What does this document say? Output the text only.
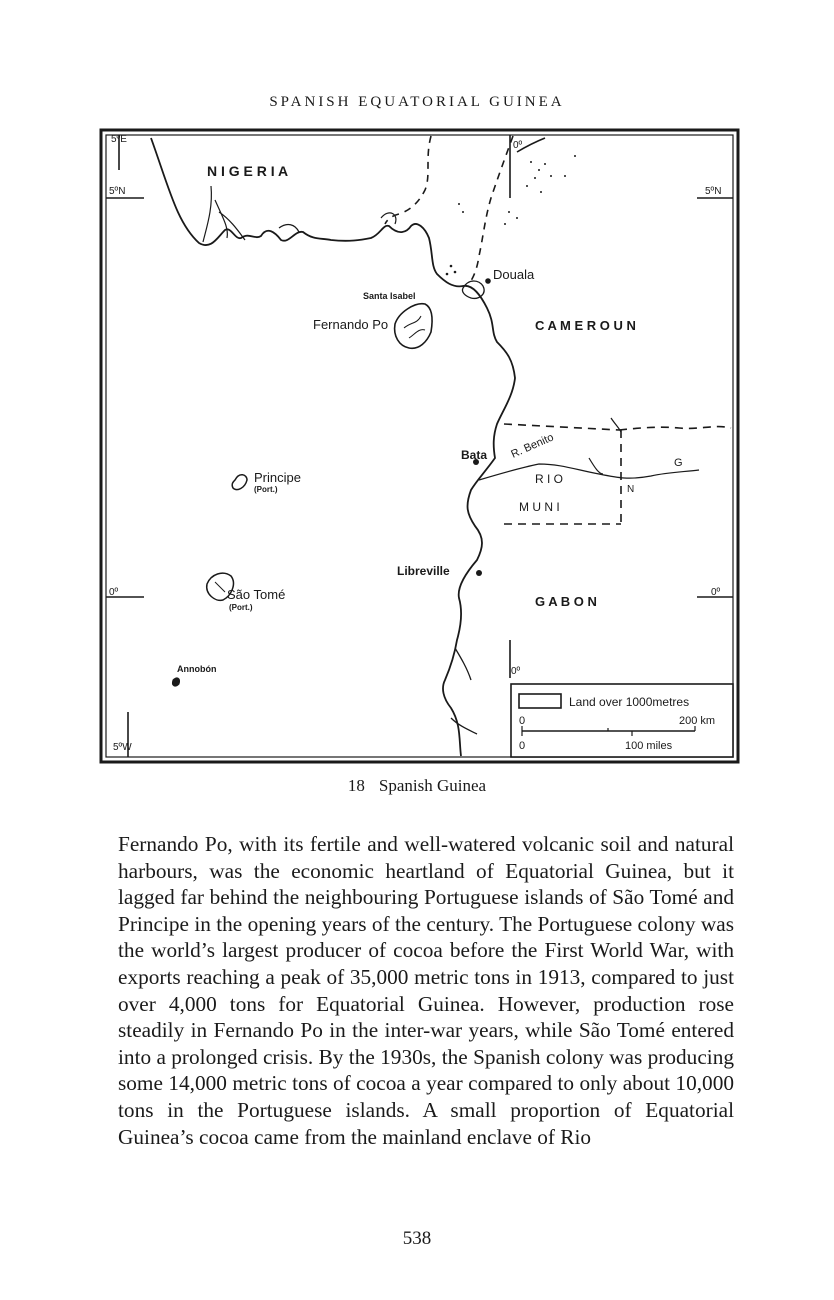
SPANISH EQUATORIAL GUINEA
5ºE
5ºN	5ºN
0º	0º
5ºW
0º
0º
N I G E R I A
Douala
Santa Isabel
Fernando Po	C A M E R O U N
Bata R. Benito
R I O
M U N I
G
N
Principe
(Port.)
Libreville
G A B O N
São Tomé
(Port.)
Annobón
Land over 1000metres
0	200 km
0	100 miles
18 Spanish Guinea

Fernando Po, with its fertile and well-watered volcanic soil and natural harbours, was the economic heartland of Equatorial Guinea, but it lagged far behind the neighbouring Portuguese islands of São Tomé and Principe in the opening years of the century. The Portuguese colony was the world’s largest producer of cocoa before the First World War, with exports reaching a peak of 35,000 metric tons in 1913, compared to just over 4,000 tons for Equatorial Guinea. However, production rose steadily in Fernando Po in the inter-war years, while São Tomé entered into a prolonged crisis. By the 1930s, the Spanish colony was producing some 14,000 metric tons of cocoa a year compared to only about 10,000 tons in the Portuguese islands. A small proportion of Equatorial Guinea’s cocoa came from the mainland enclave of Rio

538
